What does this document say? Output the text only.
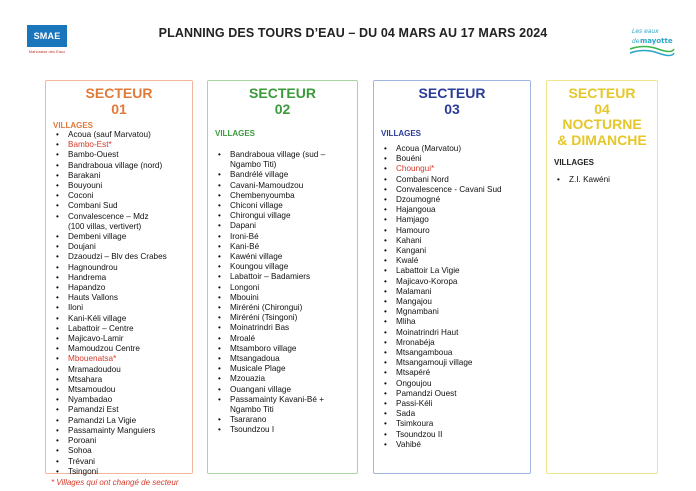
SMAE
Mahoraise des Eaux
Les eaux
de mayotte
PLANNING DES TOURS D’EAU – DU 04 MARS AU 17 MARS 2024
SECTEUR
01
VILLAGES
• Acoua (sauf Marvatou)
• Bambo-Est*
• Bambo-Ouest
• Bandraboua village (nord)
• Barakani
• Bouyouni
• Coconi
• Combani Sud
• Convalescence – Mdz
(100 villas, vertivert)
• Dembeni village
• Doujani
• Dzaoudzi – Blv des Crabes
• Hagnoundrou
• Handrema
• Hapandzo
• Hauts Vallons
• Iloni
• Kani-Kéli village
• Labattoir – Centre
• Majicavo-Lamir
• Mamoudzou Centre
• Mbouenatsa*
• Mramadoudou
• Mtsahara
• Mtsamoudou
• Nyambadao
• Pamandzi Est
• Pamandzi La Vigie
• Passamainty Manguiers
• Poroani
• Sohoa
• Trévani
• Tsingoni
SECTEUR
02
VILLAGES
• Bandraboua village (sud –
Ngambo Titi)
• Bandrélé village
• Cavani-Mamoudzou
• Chembenyoumba
• Chiconi village
• Chirongui village
• Dapani
• Ironi-Bé
• Kani-Bé
• Kawéni village
• Koungou village
• Labattoir – Badamiers
• Longoni
• Mbouini
• Miréréni (Chirongui)
• Miréréni (Tsingoni)
• Moinatrindri Bas
• Mroalé
• Mtsamboro village
• Mtsangadoua
• Musicale Plage
• Mzouazia
• Ouangani village
• Passamainty Kavani-Bé +
Ngambo Titi
• Tsararano
• Tsoundzou I
SECTEUR
03
VILLAGES
• Acoua (Marvatou)
• Bouéni
• Choungui*
• Combani Nord
• Convalescence - Cavani Sud
• Dzoumogné
• Hajangoua
• Hamjago
• Hamouro
• Kahani
• Kangani
• Kwalé
• Labattoir La Vigie
• Majicavo-Koropa
• Malamani
• Mangajou
• Mgnambani
• Mliha
• Moinatrindri Haut
• Mronabéja
• Mtsangamboua
• Mtsangamouji village
• Mtsapéré
• Ongoujou
• Pamandzi Ouest
• Passi-Kéli
• Sada
• Tsimkoura
• Tsoundzou II
• Vahibé
SECTEUR
04
NOCTURNE
& DIMANCHE
VILLAGES
• Z.I. Kawéni
* Villages qui ont changé de secteur
